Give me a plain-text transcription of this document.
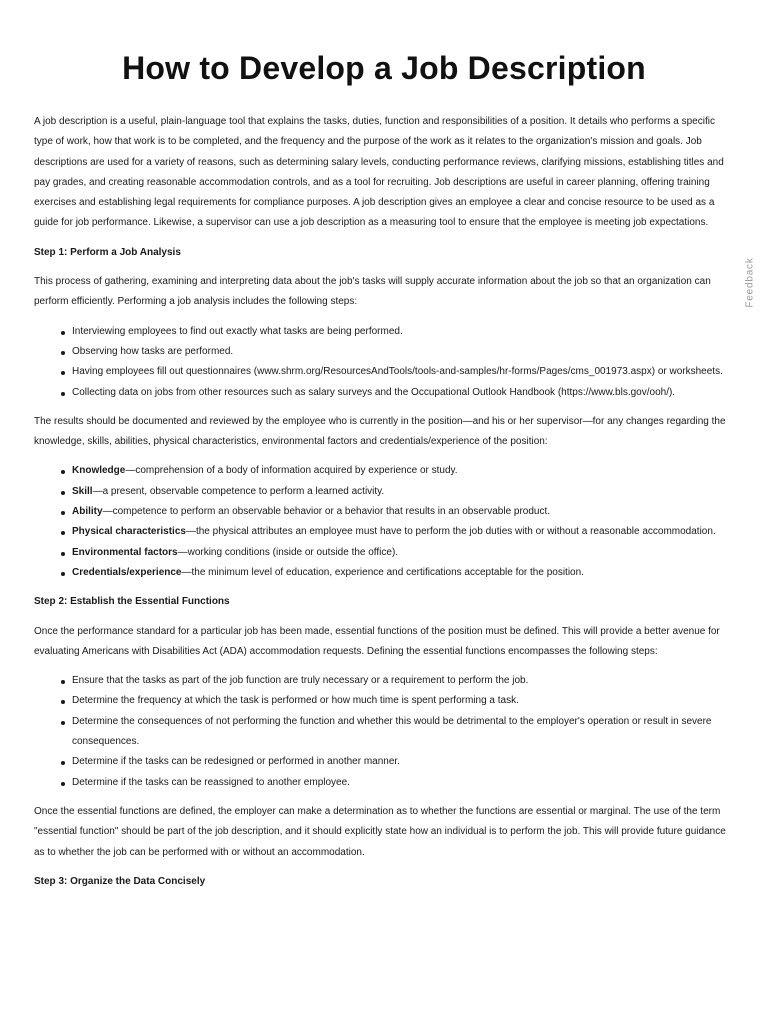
How to Develop a Job Description

A job description is a useful, plain-language tool that explains the tasks, duties, function and responsibilities of a position. It details who performs a specific type of work, how that work is to be completed, and the frequency and the purpose of the work as it relates to the organization's mission and goals. Job descriptions are used for a variety of reasons, such as determining salary levels, conducting performance reviews, clarifying missions, establishing titles and pay grades, and creating reasonable accommodation controls, and as a tool for recruiting. Job descriptions are useful in career planning, offering training exercises and establishing legal requirements for compliance purposes. A job description gives an employee a clear and concise resource to be used as a guide for job performance. Likewise, a supervisor can use a job description as a measuring tool to ensure that the employee is meeting job expectations.

Step 1: Perform a Job Analysis

This process of gathering, examining and interpreting data about the job's tasks will supply accurate information about the job so that an organization can perform efficiently. Performing a job analysis includes the following steps:

Interviewing employees to find out exactly what tasks are being performed.
Observing how tasks are performed.
Having employees fill out questionnaires (www.shrm.org/ResourcesAndTools/tools-and-samples/hr-forms/Pages/cms_001973.aspx) or worksheets.
Collecting data on jobs from other resources such as salary surveys and the Occupational Outlook Handbook (https://www.bls.gov/ooh/).

The results should be documented and reviewed by the employee who is currently in the position—and his or her supervisor—for any changes regarding the knowledge, skills, abilities, physical characteristics, environmental factors and credentials/experience of the position:

Knowledge—comprehension of a body of information acquired by experience or study.
Skill—a present, observable competence to perform a learned activity.
Ability—competence to perform an observable behavior or a behavior that results in an observable product.
Physical characteristics—the physical attributes an employee must have to perform the job duties with or without a reasonable accommodation.
Environmental factors—working conditions (inside or outside the office).
Credentials/experience—the minimum level of education, experience and certifications acceptable for the position.
Step 2: Establish the Essential Functions

Once the performance standard for a particular job has been made, essential functions of the position must be defined. This will provide a better avenue for evaluating Americans with Disabilities Act (ADA) accommodation requests. Defining the essential functions encompasses the following steps:

Ensure that the tasks as part of the job function are truly necessary or a requirement to perform the job.
Determine the frequency at which the task is performed or how much time is spent performing a task.
Determine the consequences of not performing the function and whether this would be detrimental to the employer's operation or result in severe consequences.
Determine if the tasks can be redesigned or performed in another manner.
Determine if the tasks can be reassigned to another employee.

Once the essential functions are defined, the employer can make a determination as to whether the functions are essential or marginal. The use of the term "essential function" should be part of the job description, and it should explicitly state how an individual is to perform the job. This will provide future guidance as to whether the job can be performed with or without an accommodation.

Step 3: Organize the Data Concisely
Feedback
